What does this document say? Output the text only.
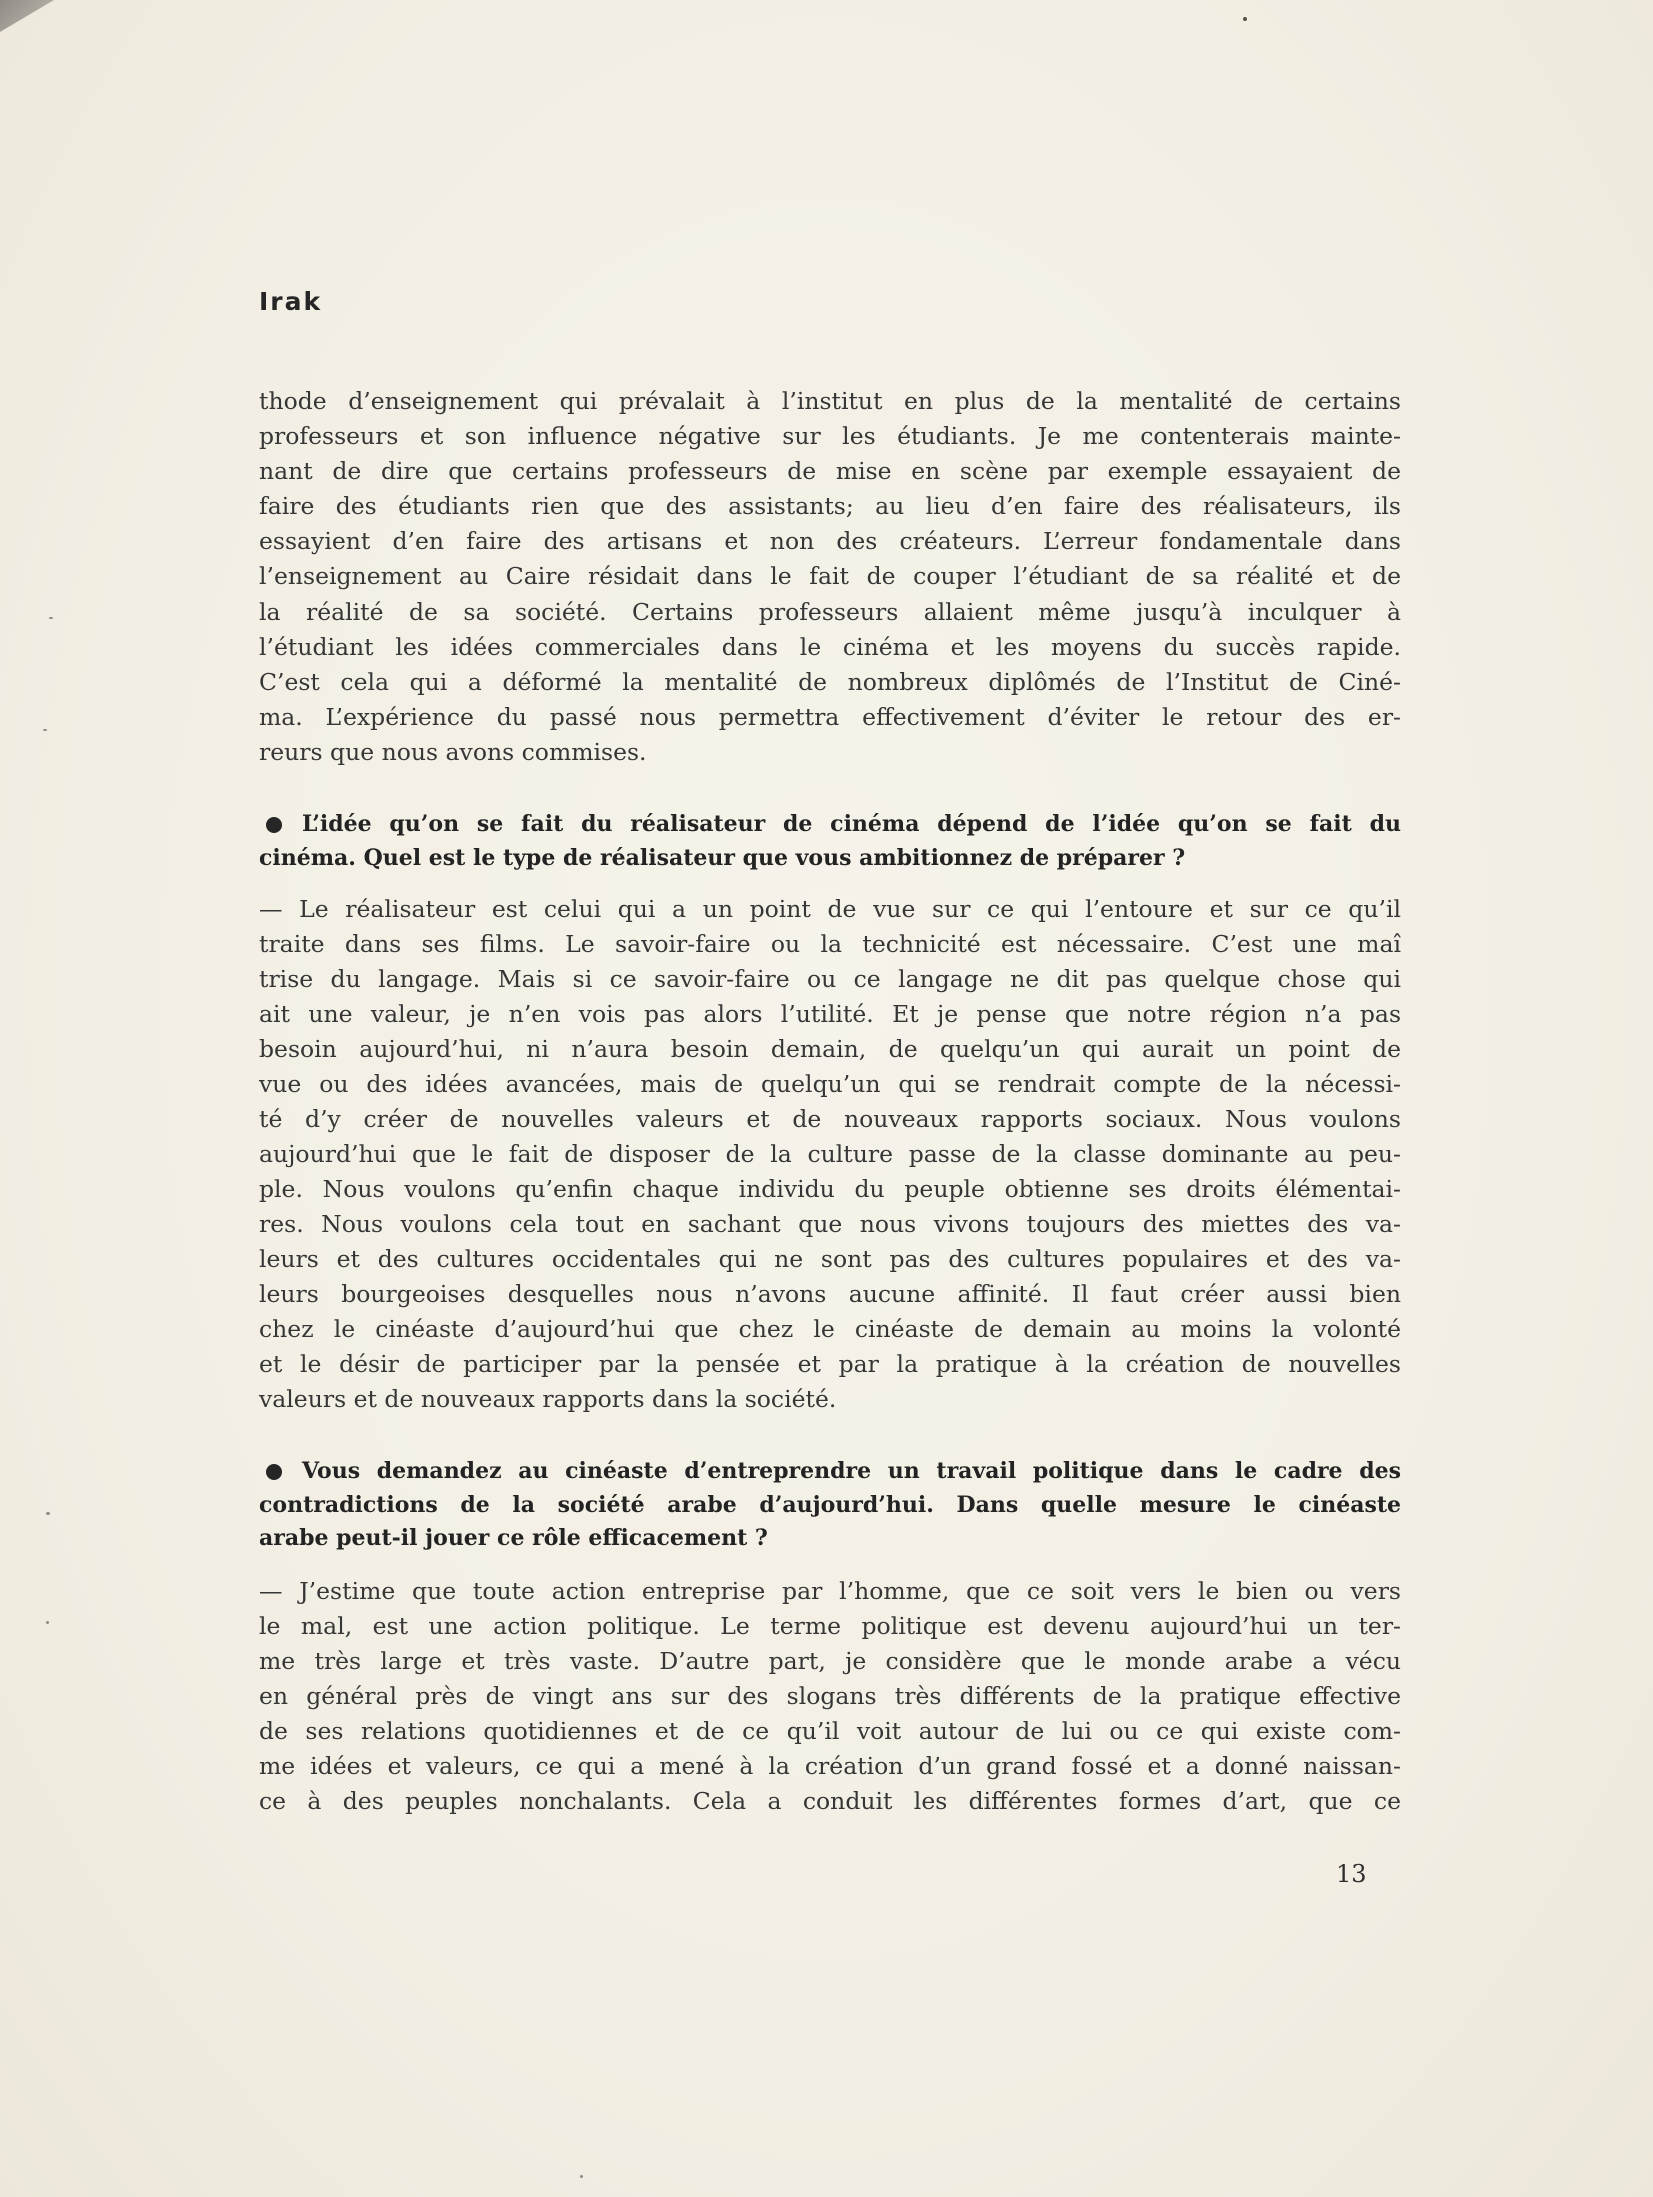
Irak
thode d’enseignement qui prévalait à l’institut en plus de la mentalité de certains
professeurs et son influence négative sur les étudiants. Je me contenterais mainte-
nant de dire que certains professeurs de mise en scène par exemple essayaient de
faire des étudiants rien que des assistants; au lieu d’en faire des réalisateurs, ils
essayient d’en faire des artisans et non des créateurs. L’erreur fondamentale dans
l’enseignement au Caire résidait dans le fait de couper l’étudiant de sa réalité et de
la réalité de sa société. Certains professeurs allaient même jusqu’à inculquer à
l’étudiant les idées commerciales dans le cinéma et les moyens du succès rapide.
C’est cela qui a déformé la mentalité de nombreux diplômés de l’Institut de Ciné-
ma. L’expérience du passé nous permettra effectivement d’éviter le retour des er-
reurs que nous avons commises.
L’idée qu’on se fait du réalisateur de cinéma dépend de l’idée qu’on se fait du
cinéma. Quel est le type de réalisateur que vous ambitionnez de préparer ?
— Le réalisateur est celui qui a un point de vue sur ce qui l’entoure et sur ce qu’il
traite dans ses films. Le savoir-faire ou la technicité est nécessaire. C’est une maî
trise du langage. Mais si ce savoir-faire ou ce langage ne dit pas quelque chose qui
ait une valeur, je n’en vois pas alors l’utilité. Et je pense que notre région n’a pas
besoin aujourd’hui, ni n’aura besoin demain, de quelqu’un qui aurait un point de
vue ou des idées avancées, mais de quelqu’un qui se rendrait compte de la nécessi-
té d’y créer de nouvelles valeurs et de nouveaux rapports sociaux. Nous voulons
aujourd’hui que le fait de disposer de la culture passe de la classe dominante au peu-
ple. Nous voulons qu’enfin chaque individu du peuple obtienne ses droits élémentai-
res. Nous voulons cela tout en sachant que nous vivons toujours des miettes des va-
leurs et des cultures occidentales qui ne sont pas des cultures populaires et des va-
leurs bourgeoises desquelles nous n’avons aucune affinité. Il faut créer aussi bien
chez le cinéaste d’aujourd’hui que chez le cinéaste de demain au moins la volonté
et le désir de participer par la pensée et par la pratique à la création de nouvelles
valeurs et de nouveaux rapports dans la société.
Vous demandez au cinéaste d’entreprendre un travail politique dans le cadre des
contradictions de la société arabe d’aujourd’hui. Dans quelle mesure le cinéaste
arabe peut-il jouer ce rôle efficacement ?
— J’estime que toute action entreprise par l’homme, que ce soit vers le bien ou vers
le mal, est une action politique. Le terme politique est devenu aujourd’hui un ter-
me très large et très vaste. D’autre part, je considère que le monde arabe a vécu
en général près de vingt ans sur des slogans très différents de la pratique effective
de ses relations quotidiennes et de ce qu’il voit autour de lui ou ce qui existe com-
me idées et valeurs, ce qui a mené à la création d’un grand fossé et a donné naissan-
ce à des peuples nonchalants. Cela a conduit les différentes formes d’art, que ce
13
